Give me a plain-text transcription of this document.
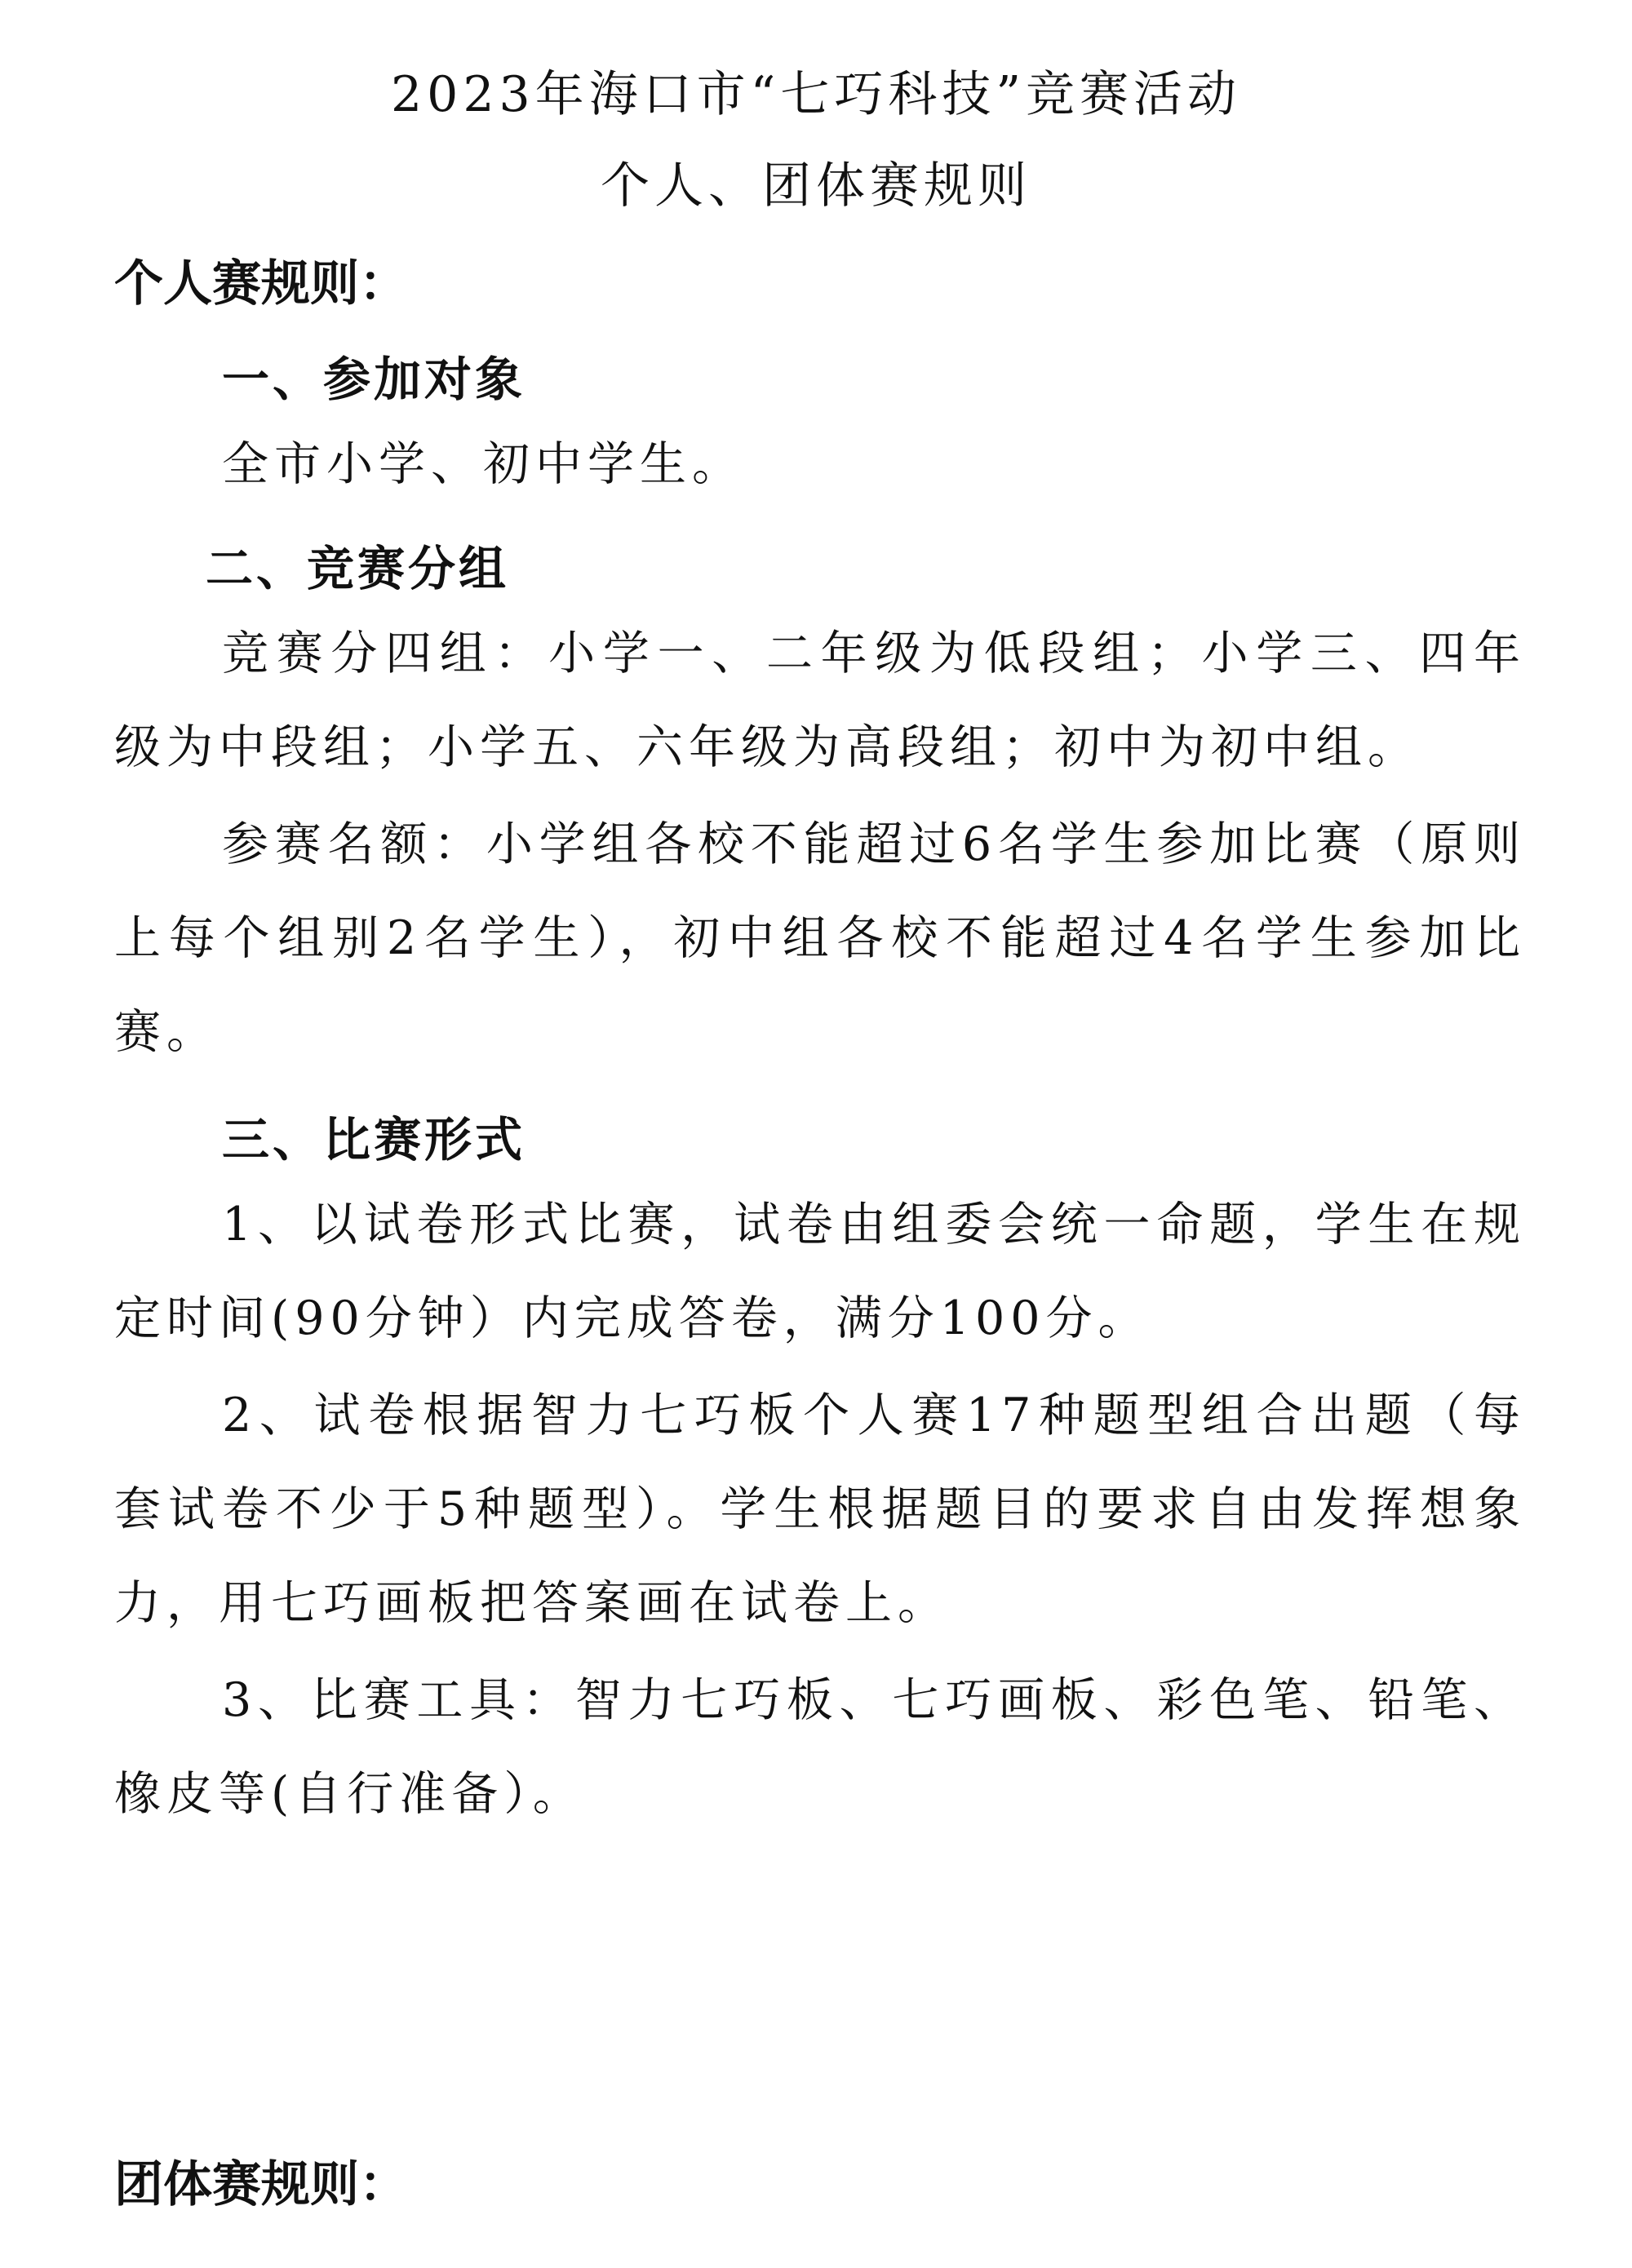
2023年海口市“七巧科技”竞赛活动
个人、团体赛规则
个人赛规则：
一、参加对象

全市小学、初中学生。

二、竞赛分组

竞赛分四组：小学一、二年级为低段组；小学三、四年级为中段组；小学五、六年级为高段组；初中为初中组。

参赛名额：小学组各校不能超过6名学生参加比赛（原则上每个组别2名学生），初中组各校不能超过4名学生参加比赛。

三、比赛形式

1、以试卷形式比赛，试卷由组委会统一命题，学生在规定时间(90分钟）内完成答卷，满分100分。

2、试卷根据智力七巧板个人赛17种题型组合出题（每套试卷不少于5种题型）。学生根据题目的要求自由发挥想象力，用七巧画板把答案画在试卷上。

3、比赛工具：智力七巧板、七巧画板、彩色笔、铅笔、橡皮等(自行准备）。

团体赛规则：
